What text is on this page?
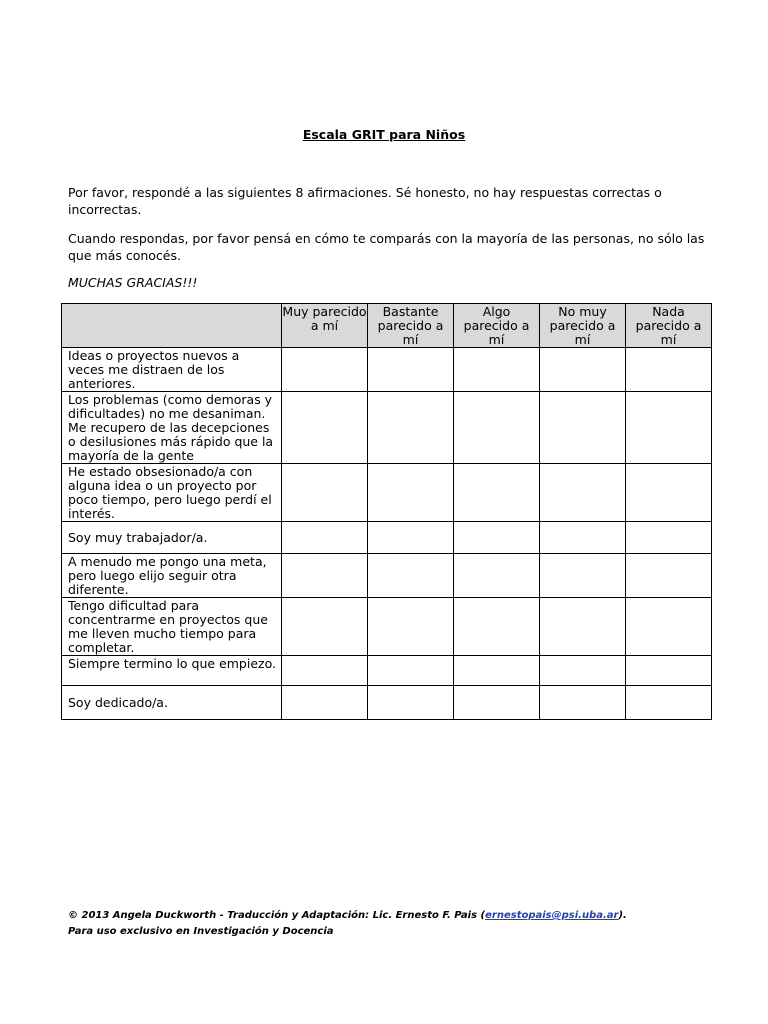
Escala GRIT para Niños
Por favor, respondé a las siguientes 8 afirmaciones. Sé honesto, no hay respuestas correctas o incorrectas.
Cuando respondas, por favor pensá en cómo te comparás con la mayoría de las personas, no sólo las que más conocés.
MUCHAS GRACIAS!!!
	Muy parecido a mí	Bastante parecido a mí	Algo parecido a mí	No muy parecido a mí	Nada parecido a mí
Ideas o proyectos nuevos a veces me distraen de los anteriores.					
Los problemas (como demoras y dificultades) no me desaniman. Me recupero de las decepciones o desilusiones más rápido que la mayoría de la gente					
He estado obsesionado/a con alguna idea o un proyecto por poco tiempo, pero luego perdí el interés.					
Soy muy trabajador/a.					
A menudo me pongo una meta, pero luego elijo seguir otra diferente.					
Tengo dificultad para concentrarme en proyectos que me lleven mucho tiempo para completar.					
Siempre termino lo que empiezo.					
Soy dedicado/a.					
© 2013 Angela Duckworth - Traducción y Adaptación: Lic. Ernesto F. Pais (ernestopais@psi.uba.ar).
Para uso exclusivo en Investigación y Docencia
